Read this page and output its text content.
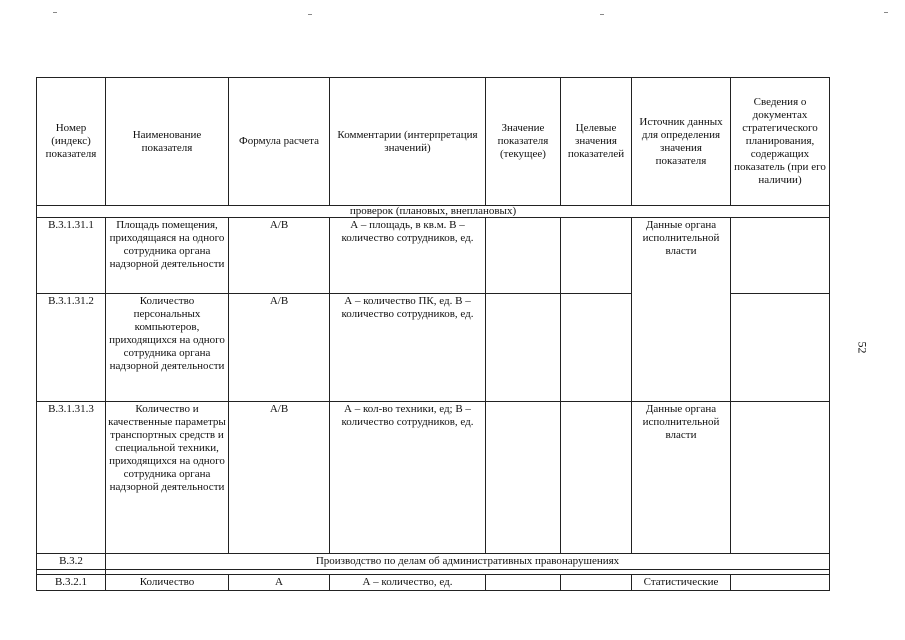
Номер (индекс) показателя	Наименование показателя	Формула расчета	Комментарии (интерпретация значений)	Значение показателя (текущее)	Целевые значения показателей	Источник данных для определения значения показателя	Сведения о документах стратегического планирования, содержащих показатель (при его наличии)
проверок (плановых, внеплановых)							
В.3.1.31.1	Площадь помещения, приходящаяся на одного сотрудника органа надзорной деятельности	А/В	А – площадь, в кв.м. В – количество сотрудников, ед.			Данные органа исполнительной власти	
В.3.1.31.2	Количество персональных компьютеров, приходящихся на одного сотрудника органа надзорной деятельности	А/В	А – количество ПК, ед. В – количество сотрудников, ед.				
В.3.1.31.3	Количество и качественные параметры транспортных средств и специальной техники, приходящихся на одного сотрудника органа надзорной деятельности	А/В	А – кол-во техники, ед; В – количество сотрудников, ед.			Данные органа исполнительной власти	
В.3.2	Производство по делам об административных правонарушениях						

В.3.2.1	Количество	А	А – количество, ед.			Статистические	
52
